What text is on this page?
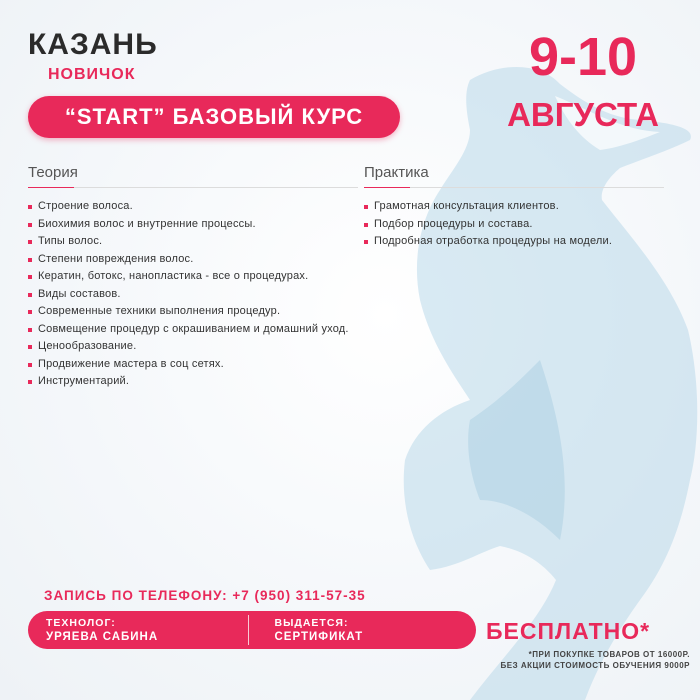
КАЗАНЬ
НОВИЧОК
“START” БАЗОВЫЙ КУРС
9-10
АВГУСТА
Теория
Строение волоса.
Биохимия волос и внутренние процессы.
Типы волос.
Степени повреждения волос.
Кератин, ботокс, нанопластика - все о процедурах.
Виды составов.
Современные техники выполнения процедур.
Совмещение процедур с окрашиванием и домашний уход.
Ценообразование.
Продвижение мастера в соц сетях.
Инструментарий.
Практика
Грамотная консультация клиентов.
Подбор процедуры и состава.
Подробная отработка процедуры на модели.
ЗАПИСЬ ПО ТЕЛЕФОНУ: +7 (950) 311-57-35
ТЕХНОЛОГ:
УРЯЕВА САБИНА
ВЫДАЕТСЯ:
СЕРТИФИКАТ	БЕСПЛАТНО*
*ПРИ ПОКУПКЕ ТОВАРОВ ОТ 16000Р.
БЕЗ АКЦИИ СТОИМОСТЬ ОБУЧЕНИЯ 9000Р
